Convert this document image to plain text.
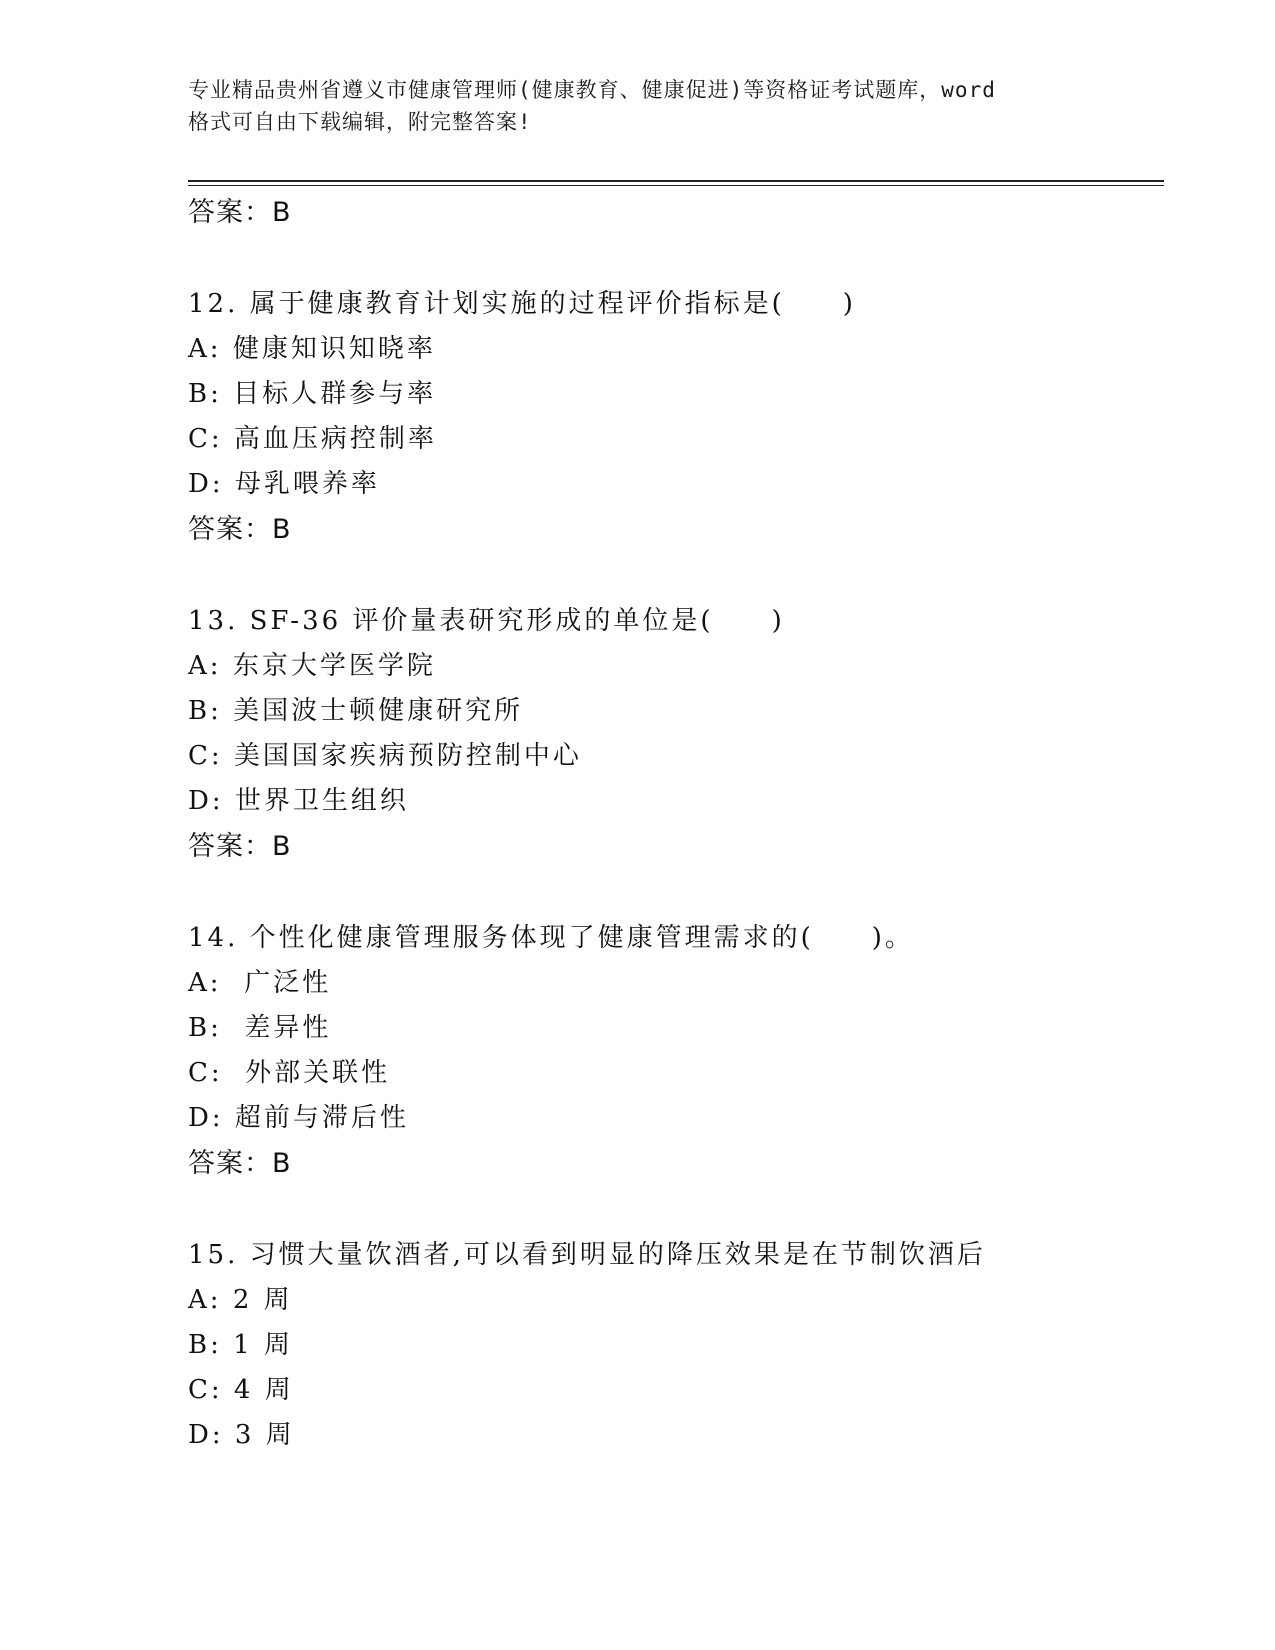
专业精品贵州省遵义市健康管理师(健康教育、健康促进)等资格证考试题库，word
格式可自由下载编辑，附完整答案!
答案：B
12. 属于健康教育计划实施的过程评价指标是(　　)
A: 健康知识知晓率
B: 目标人群参与率
C: 高血压病控制率
D: 母乳喂养率
答案：B
13. SF-36 评价量表研究形成的单位是(　　)
A: 东京大学医学院
B: 美国波士顿健康研究所
C: 美国国家疾病预防控制中心
D: 世界卫生组织
答案：B
14. 个性化健康管理服务体现了健康管理需求的(　　)。
A:  广泛性
B:  差异性
C:  外部关联性
D: 超前与滞后性
答案：B
15. 习惯大量饮酒者,可以看到明显的降压效果是在节制饮酒后
A: 2 周
B: 1 周
C: 4 周
D: 3 周
